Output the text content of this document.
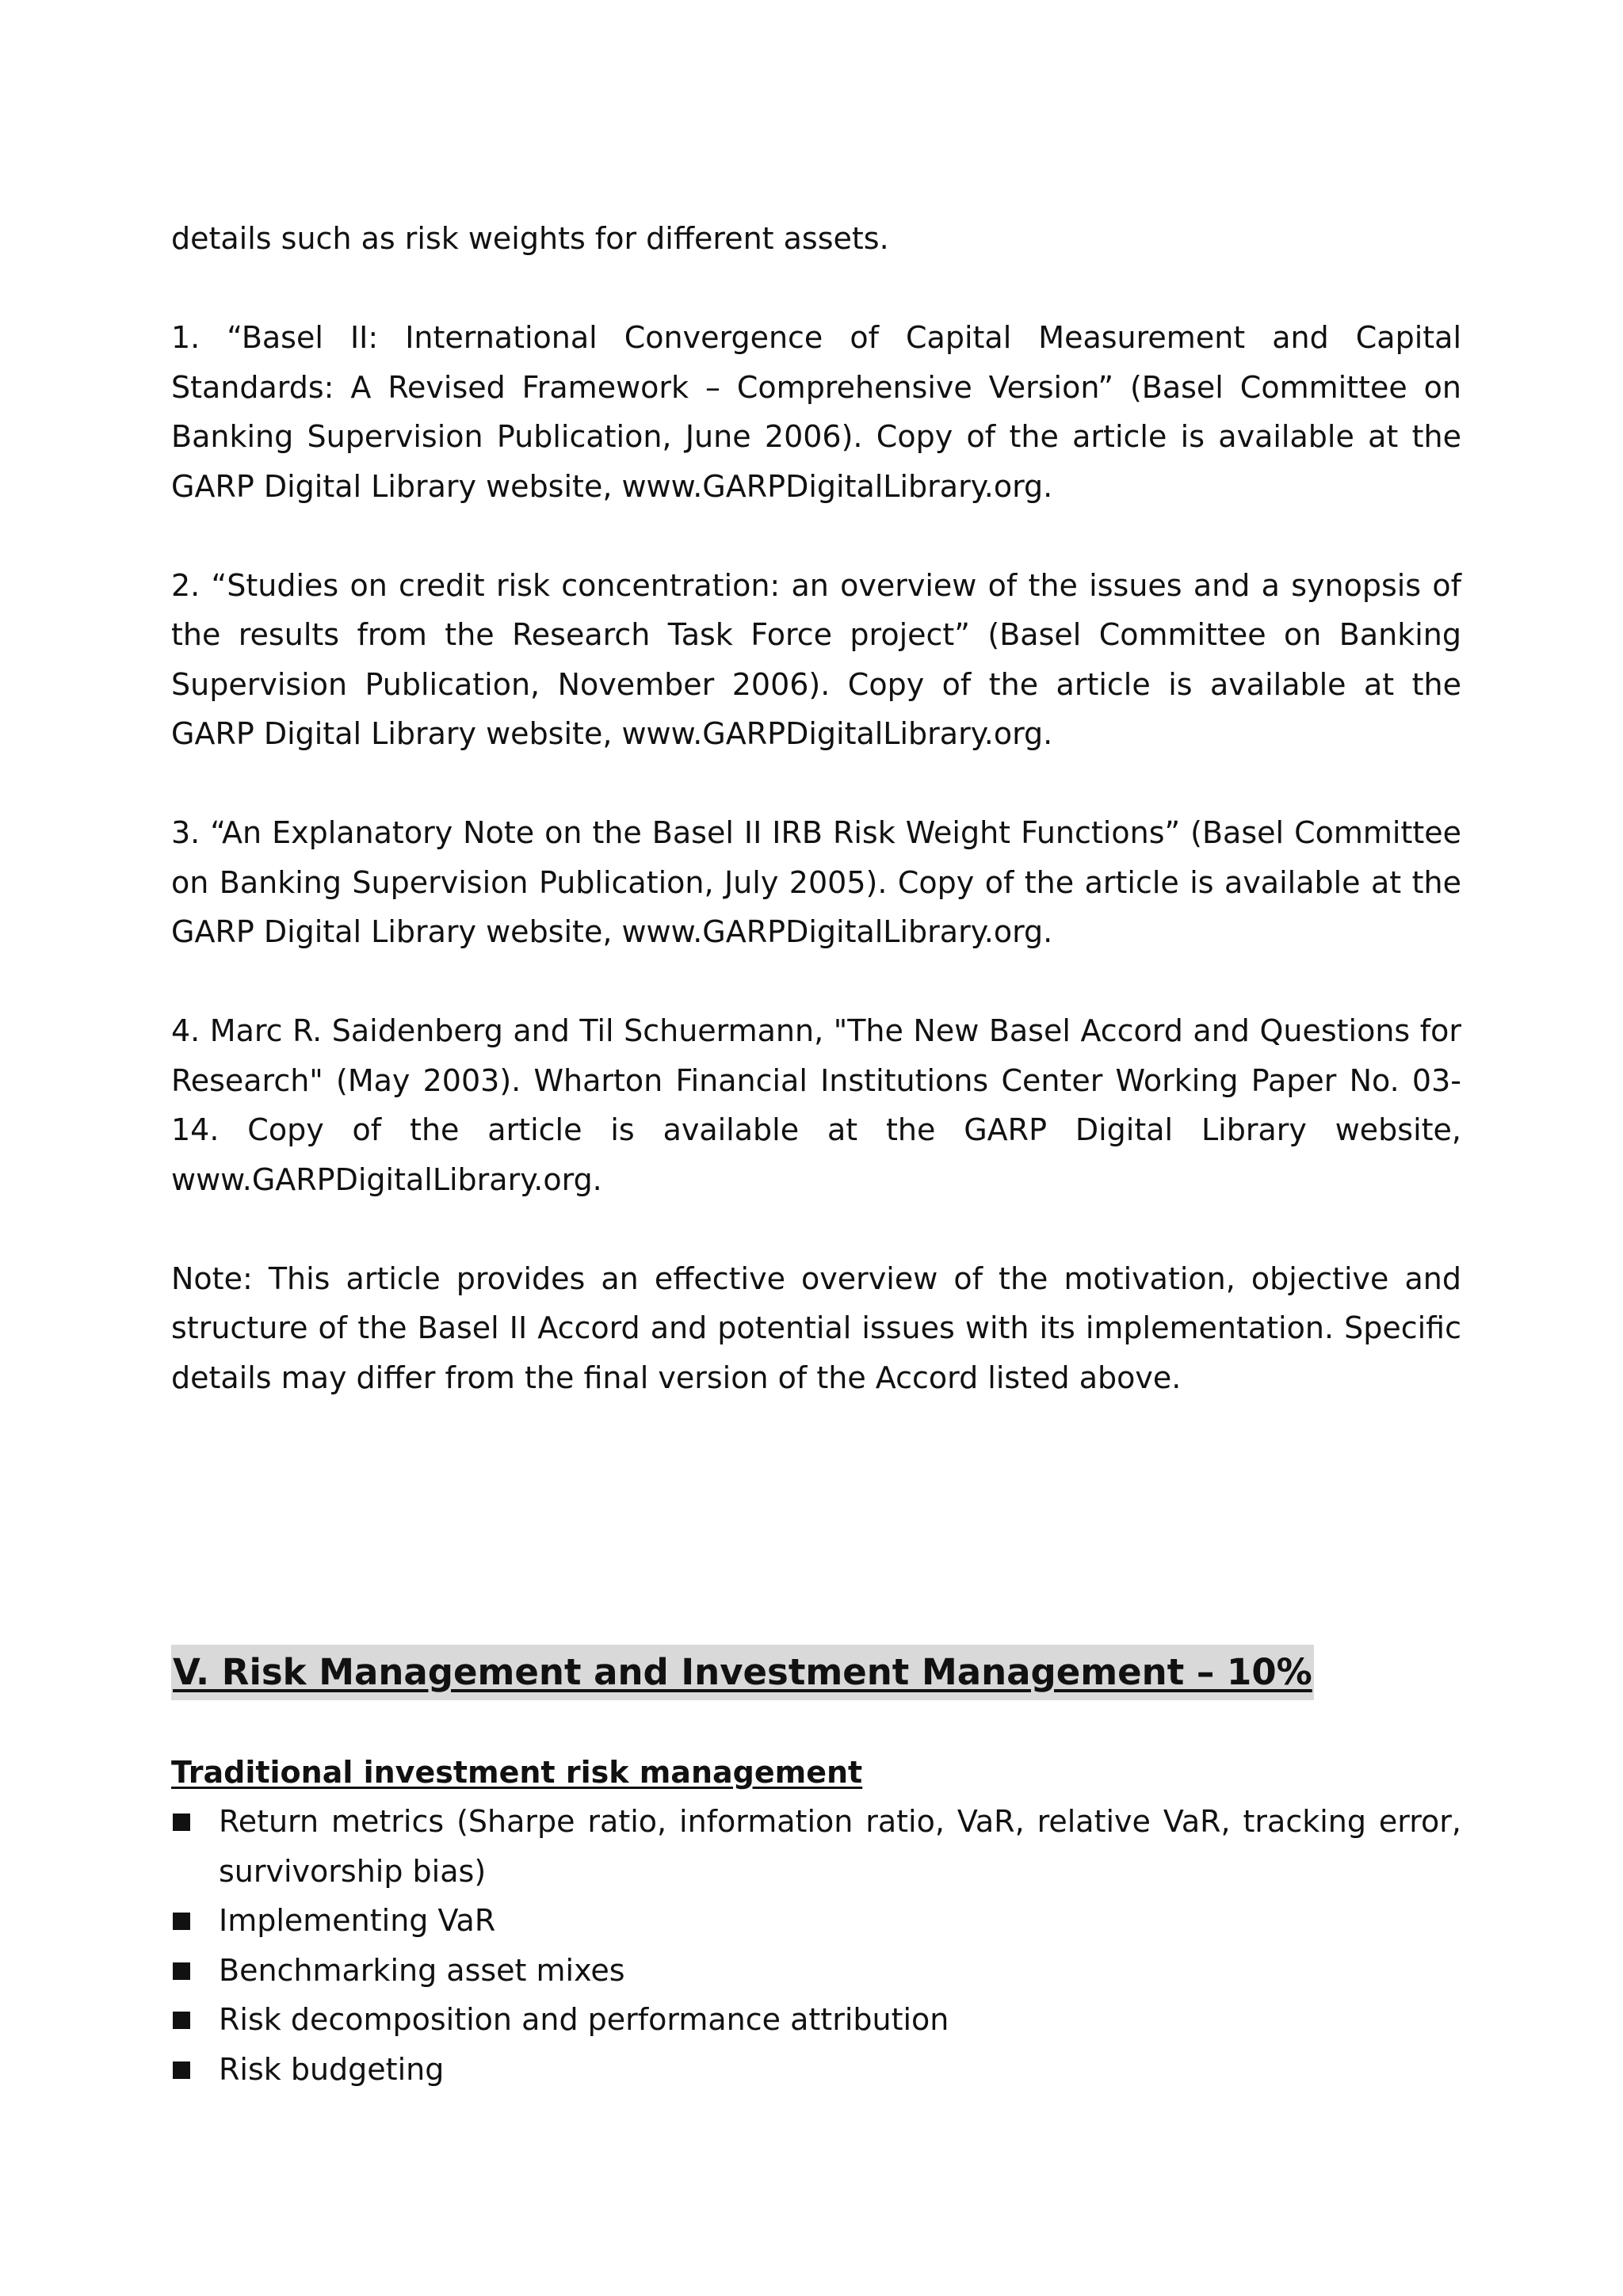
details such as risk weights for different assets.

1. “Basel II: International Convergence of Capital Measurement and Capital Standards: A Revised Framework – Comprehensive Version” (Basel Committee on Banking Supervision Publication, June 2006). Copy of the article is available at the GARP Digital Library website, www.GARPDigitalLibrary.org.

2. “Studies on credit risk concentration: an overview of the issues and a synopsis of the results from the Research Task Force project” (Basel Committee on Banking Supervision Publication, November 2006). Copy of the article is available at the GARP Digital Library website, www.GARPDigitalLibrary.org.

3. “An Explanatory Note on the Basel II IRB Risk Weight Functions” (Basel Committee on Banking Supervision Publication, July 2005). Copy of the article is available at the GARP Digital Library website, www.GARPDigitalLibrary.org.

4. Marc R. Saidenberg and Til Schuermann, "The New Basel Accord and Questions for Research" (May 2003). Wharton Financial Institutions Center Working Paper No. 03-14. Copy of the article is available at the GARP Digital Library website,

www.GARPDigitalLibrary.org.

Note: This article provides an effective overview of the motivation, objective and structure of the Basel II Accord and potential issues with its implementation. Specific details may differ from the final version of the Accord listed above.

V. Risk Management and Investment Management – 10%
Traditional investment risk management
Return metrics (Sharpe ratio, information ratio, VaR, relative VaR, tracking error, survivorship bias)
Implementing VaR
Benchmarking asset mixes
Risk decomposition and performance attribution
Risk budgeting
